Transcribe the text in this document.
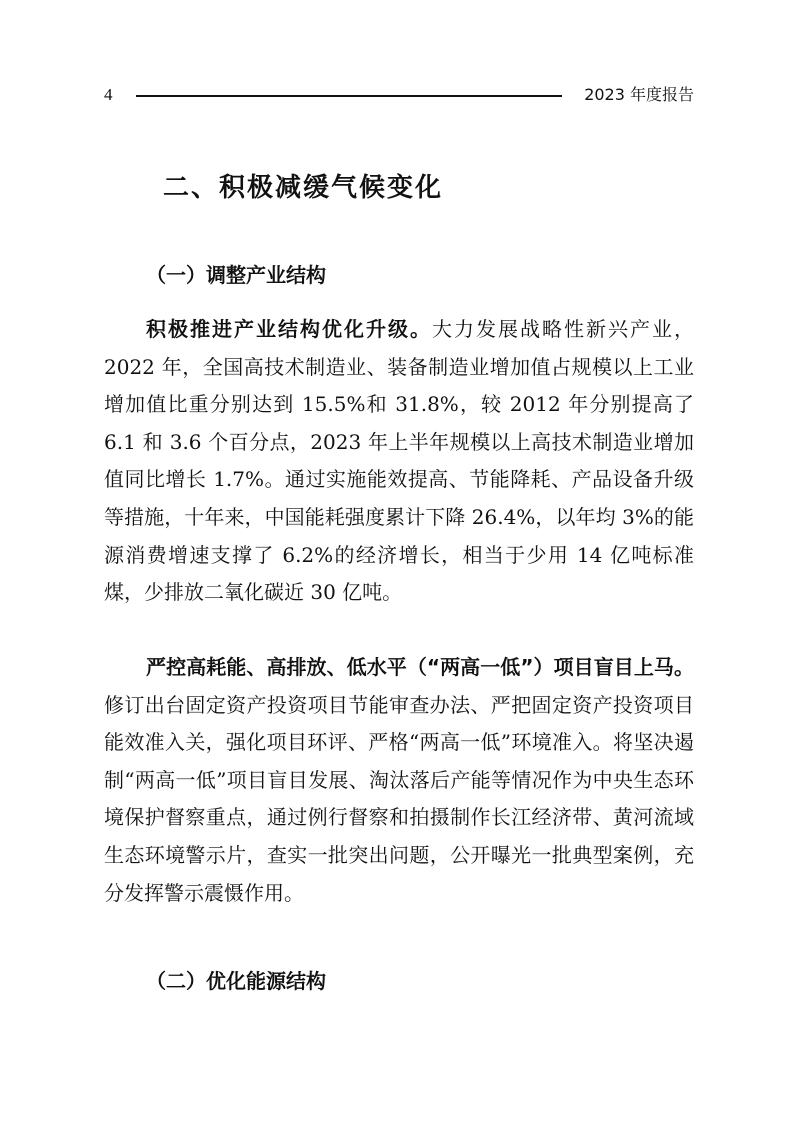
4	2023 年度报告
二、积极减缓气候变化
（一）调整产业结构

积极推进产业结构优化升级。大力发展战略性新兴产业，2022 年，全国高技术制造业、装备制造业增加值占规模以上工业增加值比重分别达到 15.5%和 31.8%，较 2012 年分别提高了 6.1 和 3.6 个百分点，2023 年上半年规模以上高技术制造业增加值同比增长 1.7%。通过实施能效提高、节能降耗、产品设备升级等措施，十年来，中国能耗强度累计下降 26.4%，以年均 3%的能源消费增速支撑了 6.2%的经济增长，相当于少用 14 亿吨标准煤，少排放二氧化碳近 30 亿吨。

严控高耗能、高排放、低水平（“两高一低”）项目盲目上马。修订出台固定资产投资项目节能审查办法、严把固定资产投资项目能效准入关，强化项目环评、严格“两高一低”环境准入。将坚决遏制“两高一低”项目盲目发展、淘汰落后产能等情况作为中央生态环境保护督察重点，通过例行督察和拍摄制作长江经济带、黄河流域生态环境警示片，查实一批突出问题，公开曝光一批典型案例，充分发挥警示震慑作用。

（二）优化能源结构
